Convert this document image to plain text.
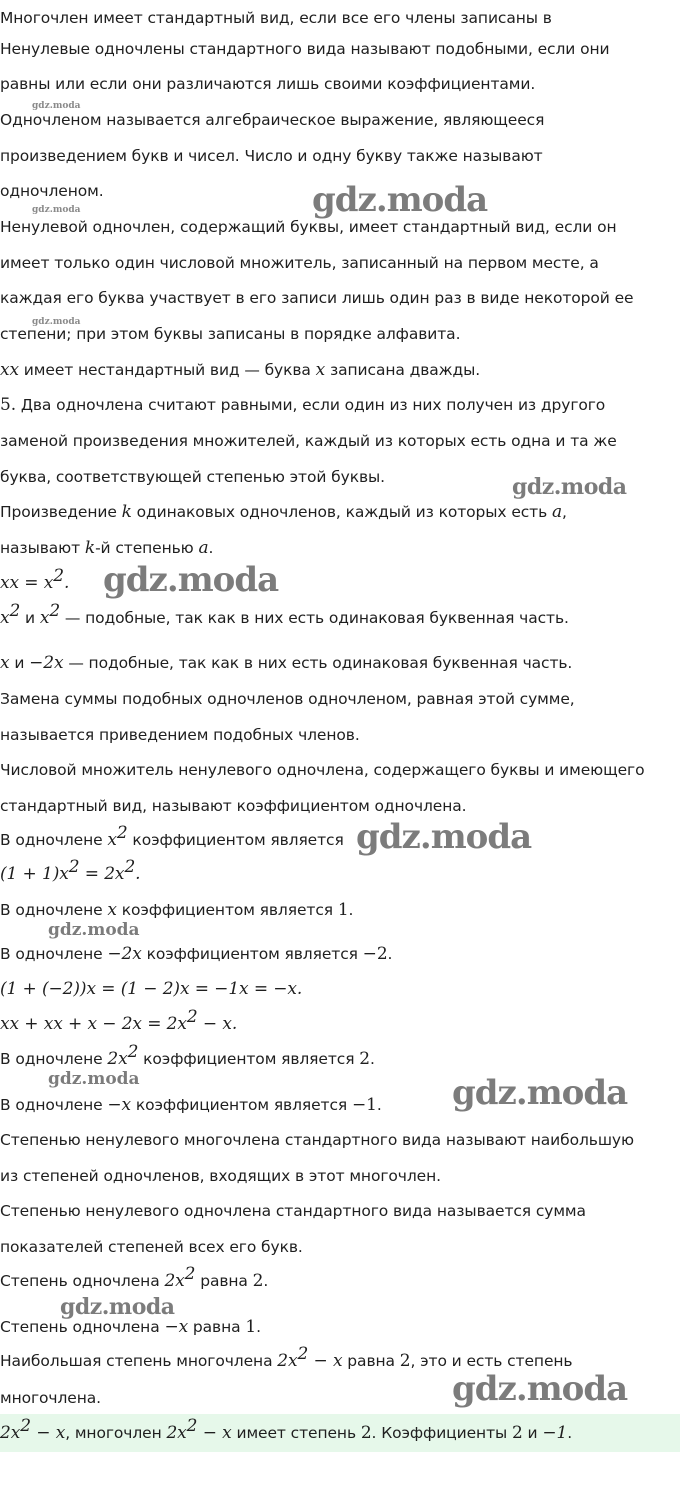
Многочлен имеет стандартный вид, если все его члены записаны в
Ненулевые одночлены стандартного вида называют подобными, если они
равны или если они различаются лишь своими коэффициентами.
Одночленом называется алгебраическое выражение, являющееся
произведением букв и чисел. Число и одну букву также называют
одночленом.
Ненулевой одночлен, содержащий буквы, имеет стандартный вид, если он
имеет только один числовой множитель, записанный на первом месте, а
каждая его буква участвует в его записи лишь один раз в виде некоторой ее
степени; при этом буквы записаны в порядке алфавита.
xx имеет нестандартный вид — буква x записана дважды.
5. Два одночлена считают равными, если один из них получен из другого
заменой произведения множителей, каждый из которых есть одна и та же
буква, соответствующей степенью этой буквы.
Произведение k одинаковых одночленов, каждый из которых есть a,
называют k-й степенью a.
xx = $x^2$.
$x^2$ и $x^2$ — подобные, так как в них есть одинаковая буквенная часть.
x и −2x — подобные, так как в них есть одинаковая буквенная часть.
Замена суммы подобных одночленов одночленом, равная этой сумме,
называется приведением подобных членов.
Числовой множитель ненулевого одночлена, содержащего буквы и имеющего
стандартный вид, называют коэффициентом одночлена.
В одночлене $x^2$ коэффициентом является
$(1 + 1)x^2 = 2x^2$.
В одночлене x коэффициентом является 1.
В одночлене −2x коэффициентом является −2.
(1 + (−2))x = (1 − 2)x = −1x = −x.
xx + xx + $x - 2x = 2x^2 - x$.
В одночлене $2x^2$ коэффициентом является 2.
В одночлене −x коэффициентом является −1.
Степенью ненулевого многочлена стандартного вида называют наибольшую
из степеней одночленов, входящих в этот многочлен.
Степенью ненулевого одночлена стандартного вида называется сумма
показателей степеней всех его букв.
Степень одночлена $2x^2$ равна 2.
Степень одночлена −x равна 1.
Наибольшая степень многочлена $2x^2 - x$ равна 2, это и есть степень
многочлена.
$2x^2 - x$, многочлен $2x^2 - x$ имеет степень 2. Коэффициенты 2 и −1.
gdz.moda
gdz.moda
gdz.moda
gdz.moda
gdz.moda
gdz.moda
gdz.moda
gdz.moda
gdz.moda	gdz.moda
gdz.moda
gdz.moda
